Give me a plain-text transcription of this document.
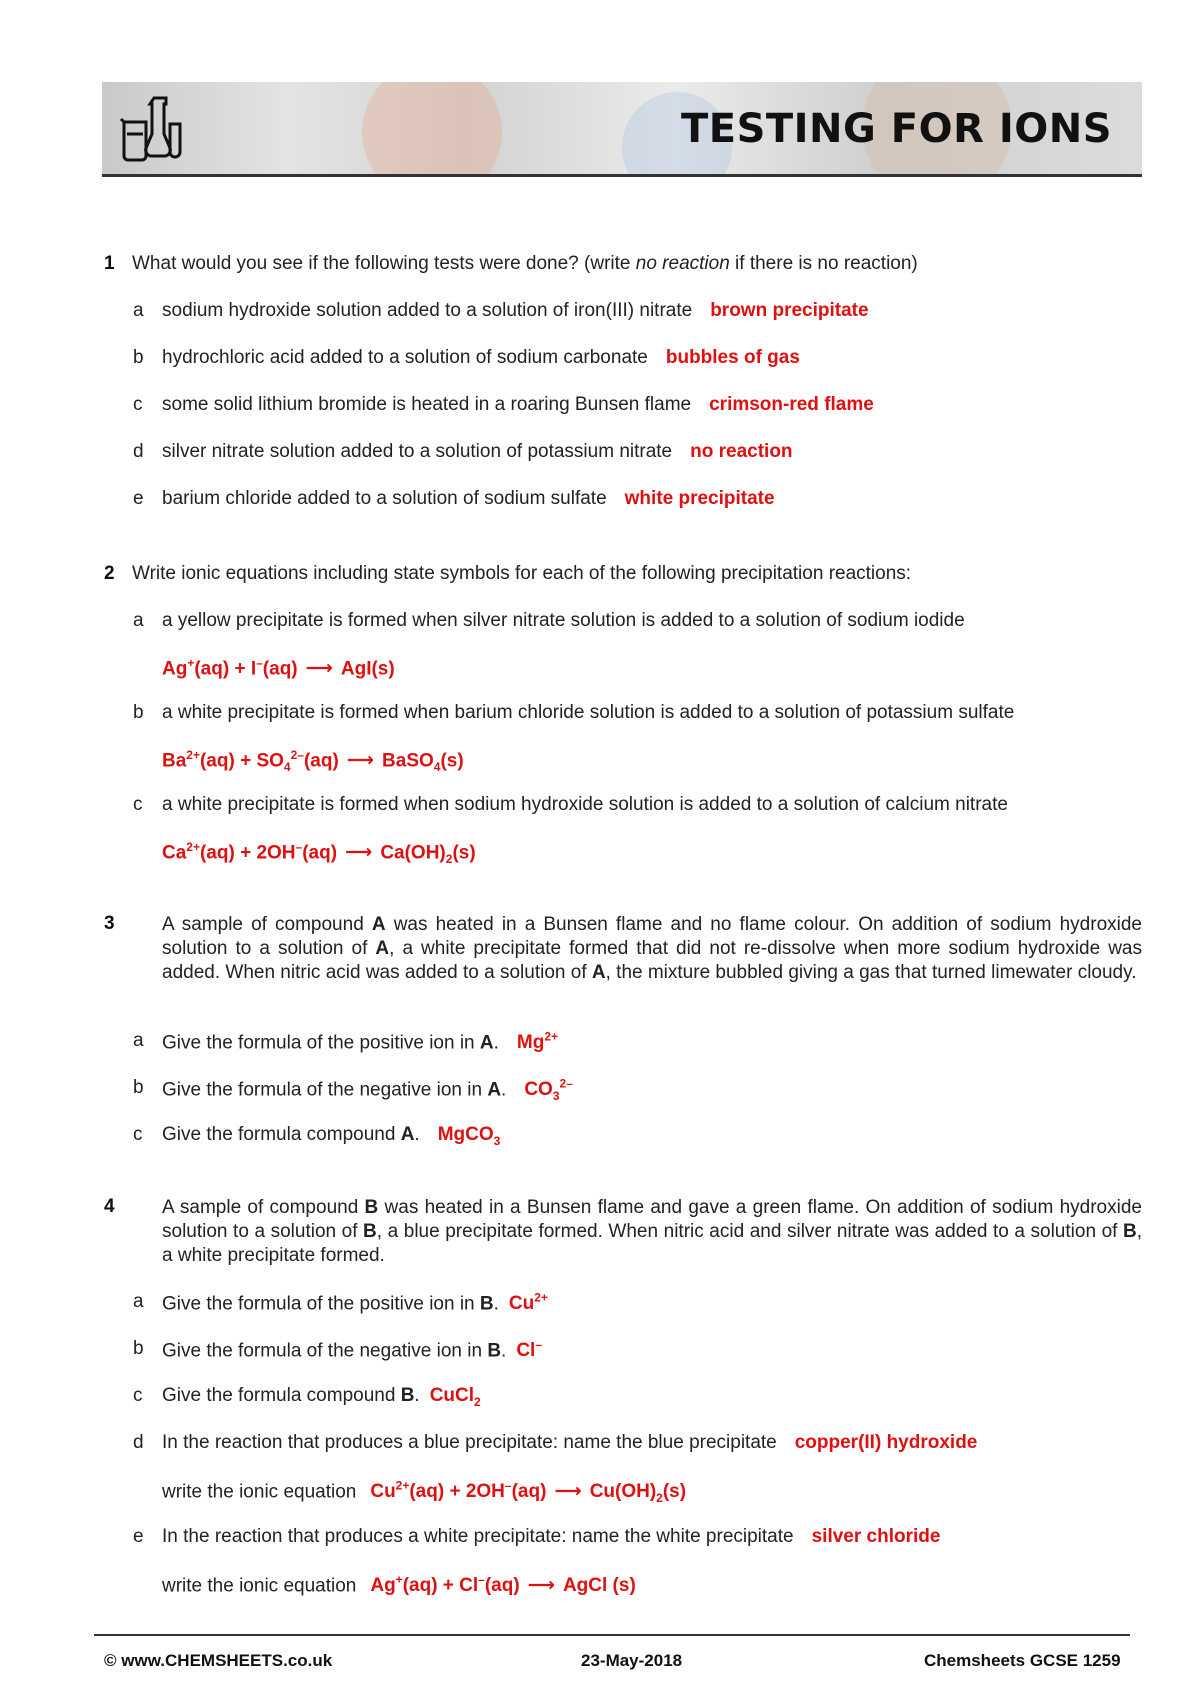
TESTING FOR IONS
1 What would you see if the following tests were done? (write no reaction if there is no reaction)
a sodium hydroxide solution added to a solution of iron(III) nitrate brown precipitate
b hydrochloric acid added to a solution of sodium carbonate bubbles of gas
c some solid lithium bromide is heated in a roaring Bunsen flame crimson-red flame
d silver nitrate solution added to a solution of potassium nitrate no reaction
e barium chloride added to a solution of sodium sulfate white precipitate
2 Write ionic equations including state symbols for each of the following precipitation reactions:
a a yellow precipitate is formed when silver nitrate solution is added to a solution of sodium iodide
Ag+(aq) + I–(aq) ⟶ AgI(s)
b a white precipitate is formed when barium chloride solution is added to a solution of potassium sulfate
$Ba^{2+}(aq) + SO_4^{2-}(aq)$ ⟶ BaSO$_4$(s)
c a white precipitate is formed when sodium hydroxide solution is added to a solution of calcium nitrate
$Ca^{2+}(aq) + 2OH^-(aq)$ ⟶ $Ca(OH)_2(s)$
3 A sample of compound A was heated in a Bunsen flame and no flame colour. On addition of sodium hydroxide solution to a solution of A, a white precipitate formed that did not re-dissolve when more sodium hydroxide was added. When nitric acid was added to a solution of A, the mixture bubbled giving a gas that turned limewater cloudy.
a Give the formula of the positive ion in A. $Mg^{2+}$
b Give the formula of the negative ion in A. $CO_3^{2-}$
c Give the formula compound A. MgCO$_3$
4 A sample of compound B was heated in a Bunsen flame and gave a green flame. On addition of sodium hydroxide solution to a solution of B, a blue precipitate formed. When nitric acid and silver nitrate was added to a solution of B, a white precipitate formed.
a Give the formula of the positive ion in B. $Cu^{2+}$
b Give the formula of the negative ion in B. Cl–
c Give the formula compound B. CuCl$_2$
d In the reaction that produces a blue precipitate: name the blue precipitate copper(II) hydroxide
write the ionic equation $Cu^{2+}(aq) + 2OH^-(aq)$ ⟶ $Cu(OH)_2(s)$
e In the reaction that produces a white precipitate: name the white precipitate silver chloride
write the ionic equation Ag+(aq) + Cl–(aq) ⟶ AgCl (s)
© www.CHEMSHEETS.co.uk	23-May-2018	Chemsheets GCSE 1259
